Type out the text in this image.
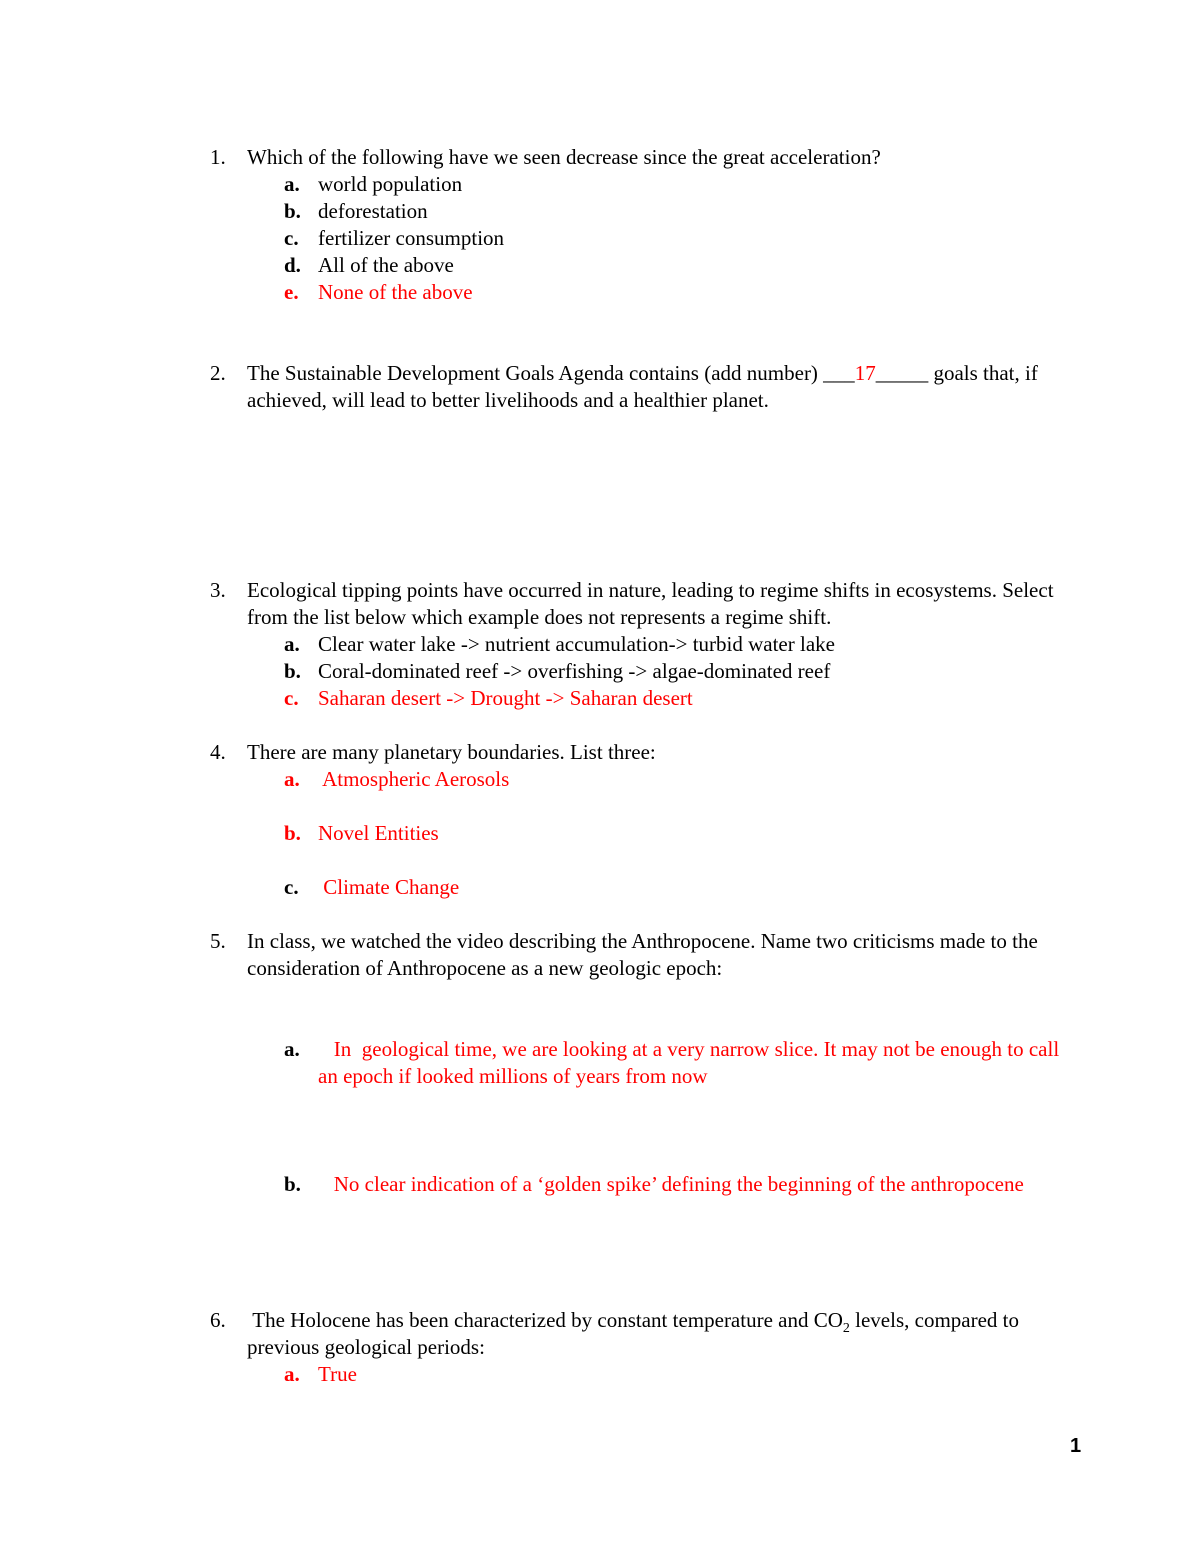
1.	Which of the following have we seen decrease since the great acceleration?
a. world population
b. deforestation
c. fertilizer consumption
d. All of the above
e. None of the above
2.	The Sustainable Development Goals Agenda contains (add number) ___17_____ goals that, if achieved, will lead to better livelihoods and a healthier planet.
3.	Ecological tipping points have occurred in nature, leading to regime shifts in ecosystems. Select from the list below which example does not represents a regime shift.
a. Clear water lake -> nutrient accumulation-> turbid water lake
b. Coral-dominated reef -> overfishing -> algae-dominated reef
c. Saharan desert -> Drought -> Saharan desert
4.	There are many planetary boundaries. List three:
a. Atmospheric Aerosols
b. Novel Entities
c. Climate Change
5.	In class, we watched the video describing the Anthropocene. Name two criticisms made to the consideration of Anthropocene as a new geologic epoch:
a. In  geological time, we are looking at a very narrow slice. It may not be enough to call an epoch if looked millions of years from now
b. No clear indication of a ‘golden spike’ defining the beginning of the anthropocene
6.	The Holocene has been characterized by constant temperature and $CO_2$ levels, compared to previous geological periods:
a. True
1
